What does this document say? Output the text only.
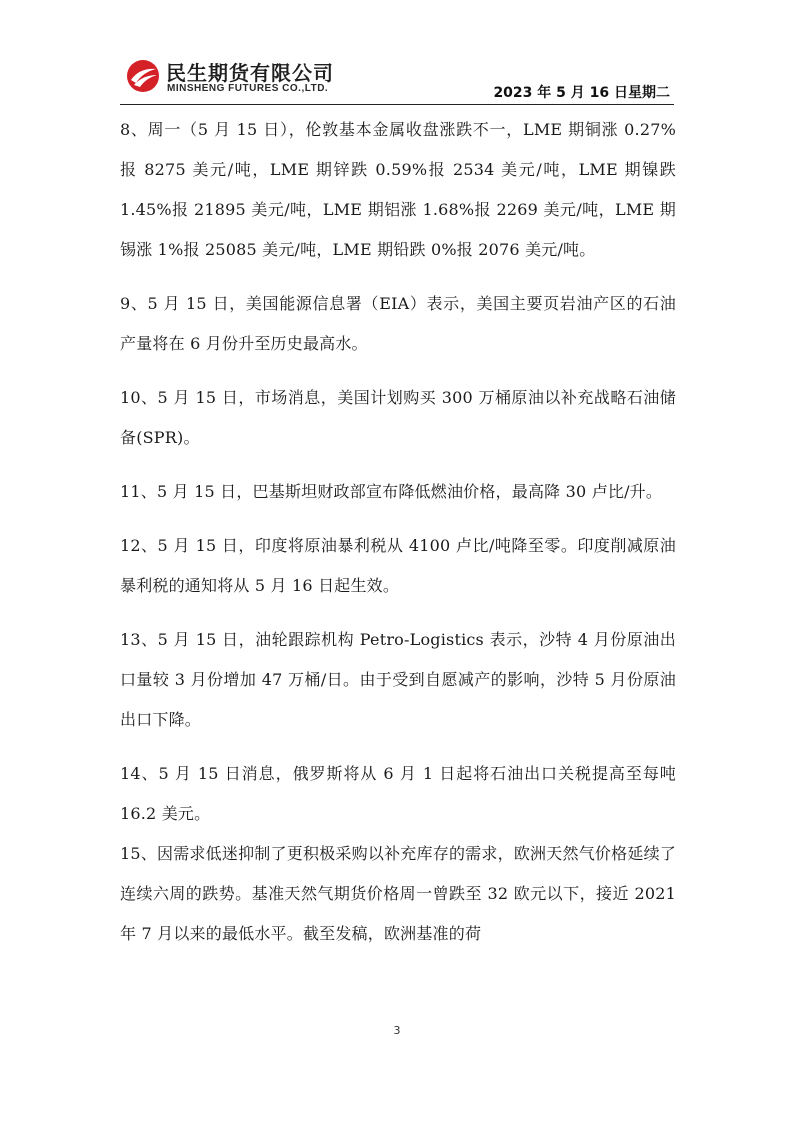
民生期货有限公司
MINSHENG FUTURES CO.,LTD.	2023 年 5 月 16 日星期二

8、周一（5 月 15 日），伦敦基本金属收盘涨跌不一，LME 期铜涨 0.27%报 8275 美元/吨，LME 期锌跌 0.59%报 2534 美元/吨，LME 期镍跌 1.45%报 21895 美元/吨，LME 期铝涨 1.68%报 2269 美元/吨，LME 期锡涨 1%报 25085 美元/吨，LME 期铅跌 0%报 2076 美元/吨。

9、5 月 15 日，美国能源信息署（EIA）表示，美国主要页岩油产区的石油产量将在 6 月份升至历史最高水。

10、5 月 15 日，市场消息，美国计划购买 300 万桶原油以补充战略石油储备(SPR)。

11、5 月 15 日，巴基斯坦财政部宣布降低燃油价格，最高降 30 卢比/升。

12、5 月 15 日，印度将原油暴利税从 4100 卢比/吨降至零。印度削减原油暴利税的通知将从 5 月 16 日起生效。

13、5 月 15 日，油轮跟踪机构 Petro-Logistics 表示，沙特 4 月份原油出口量较 3 月份增加 47 万桶/日。由于受到自愿减产的影响，沙特 5 月份原油出口下降。

14、5 月 15 日消息，俄罗斯将从 6 月 1 日起将石油出口关税提高至每吨 16.2 美元。

15、因需求低迷抑制了更积极采购以补充库存的需求，欧洲天然气价格延续了连续六周的跌势。基准天然气期货价格周一曾跌至 32 欧元以下，接近 2021 年 7 月以来的最低水平。截至发稿，欧洲基准的荷

3
